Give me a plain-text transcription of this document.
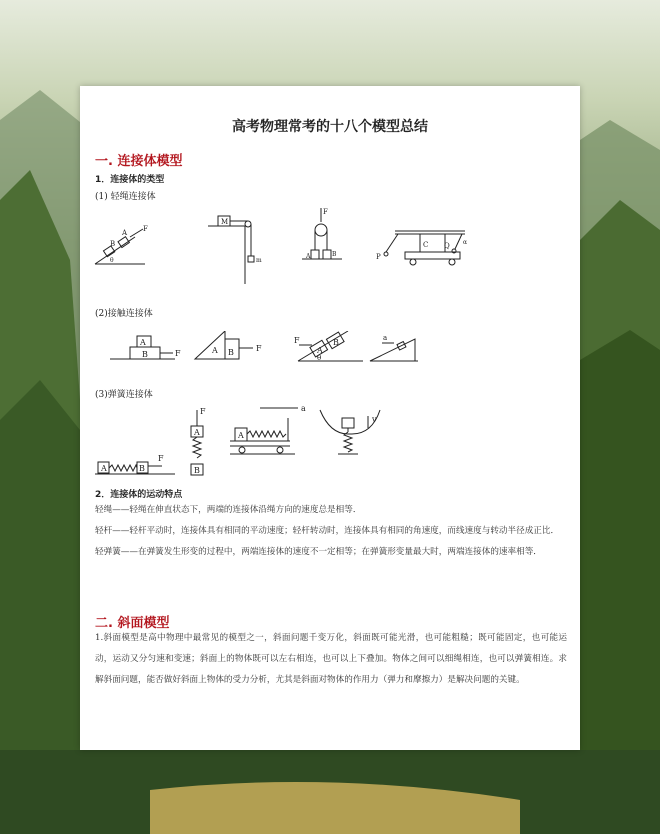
高考物理常考的十八个模型总结
一. 连接体模型
1．连接体的类型
(1) 轻绳连接体
B
A F
θ
M
m
F
A	B
C
P
Q α
(2)接触连接体
A
B	F	A B	F
F
A
B
θ
a
(3)弹簧连接体
A	B
F
F
A
B
a
A
v
2．连接体的运动特点

轻绳——轻绳在伸直状态下，两端的连接体沿绳方向的速度总是相等．

轻杆——轻杆平动时，连接体具有相同的平动速度；轻杆转动时，连接体具有相同的角速度，而线速度与转动半径成正比．

轻弹簧——在弹簧发生形变的过程中，两端连接体的速度不一定相等；在弹簧形变量最大时，两端连接体的速率相等．

二. 斜面模型
1.斜面模型是高中物理中最常见的模型之一，斜面问题千变万化，斜面既可能光滑，也可能粗糙；既可能固定，也可能运动，运动又分匀速和变速；斜面上的物体既可以左右相连，也可以上下叠加。物体之间可以细绳相连，也可以弹簧相连。求解斜面问题，能否做好斜面上物体的受力分析，尤其是斜面对物体的作用力（弹力和摩擦力）是解决问题的关键。
